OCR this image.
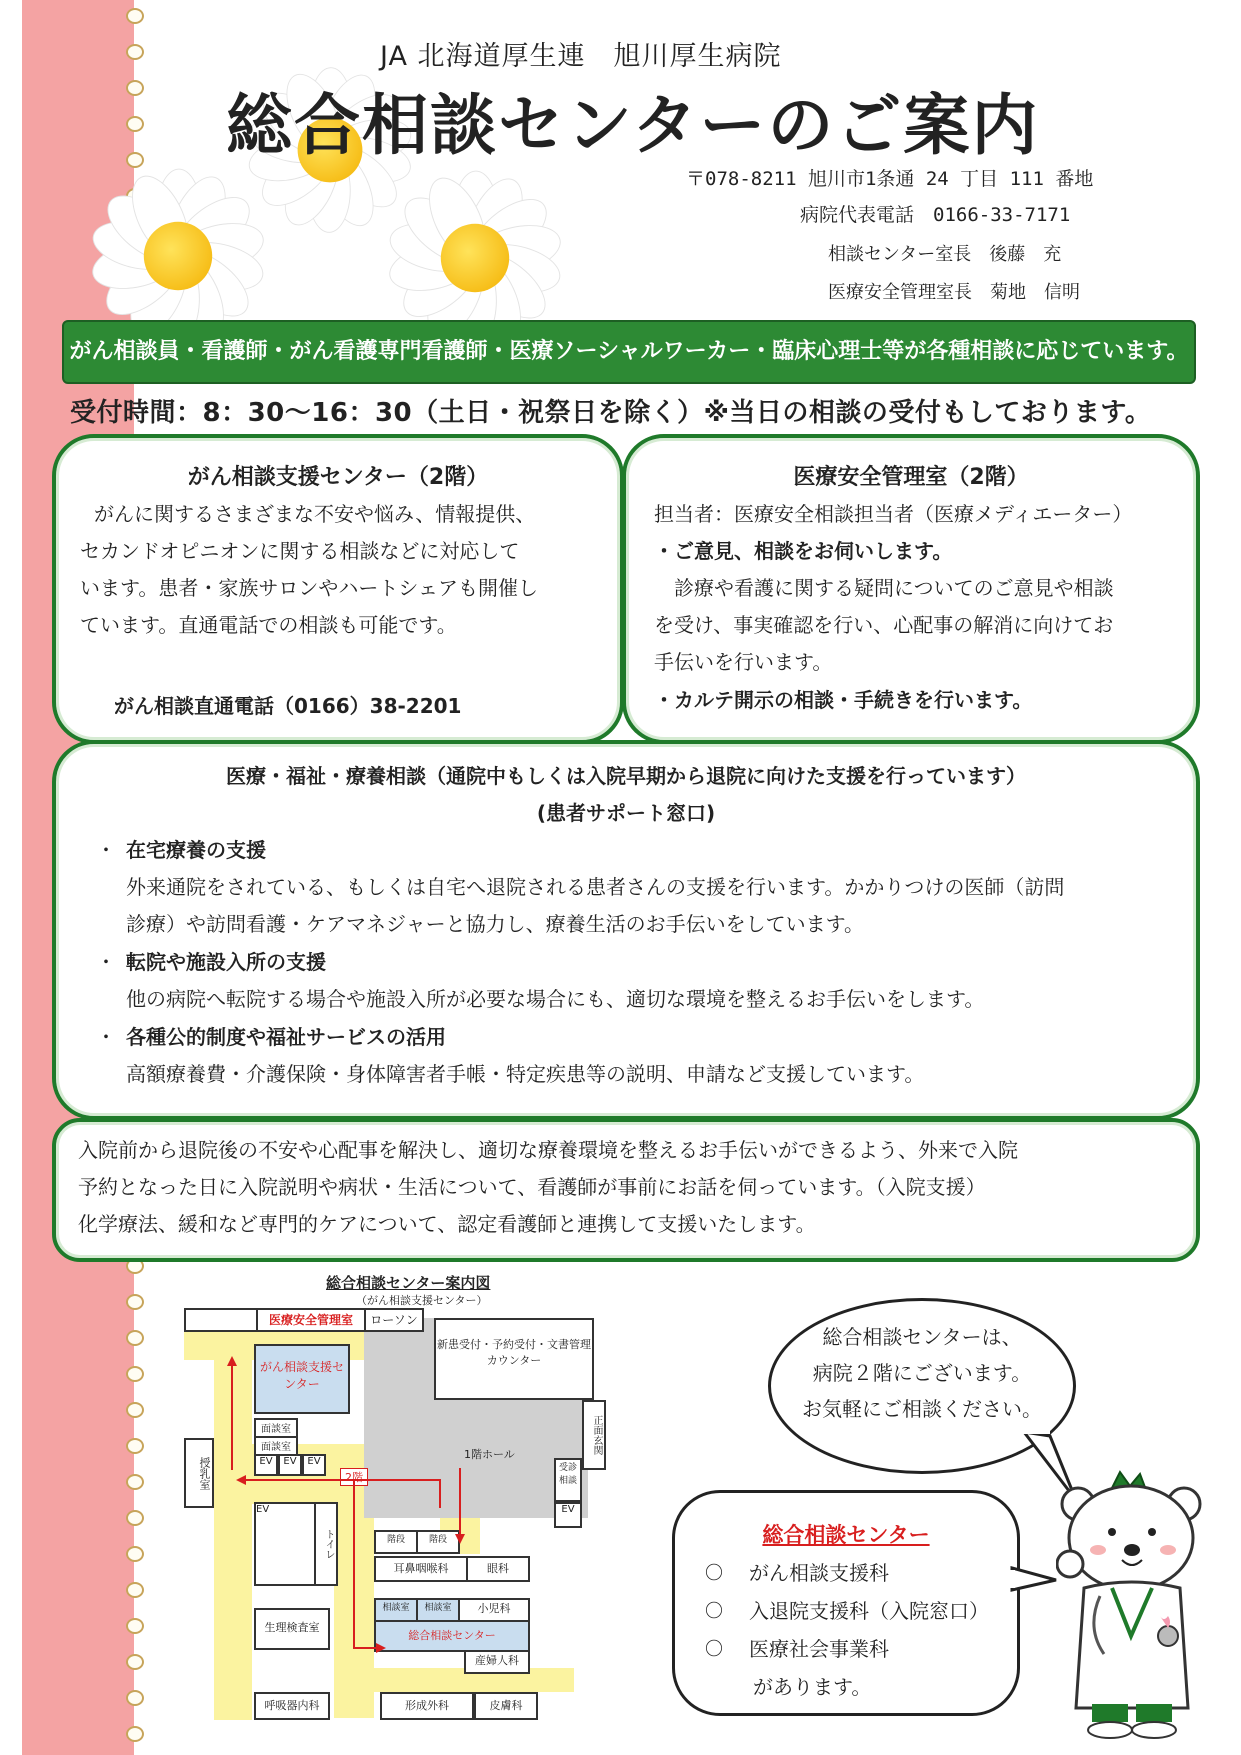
JA 北海道厚生連　旭川厚生病院
総合相談センターのご案内
〒078-8211 旭川市1条通 24 丁目 111 番地
病院代表電話　0166-33-7171
相談センター室長　後藤　充
医療安全管理室長　菊地　信明
がん相談員・看護師・がん看護専門看護師・医療ソーシャルワーカー・臨床心理士等が各種相談に応じています。
受付時間：8：30～16：30（土日・祝祭日を除く）※当日の相談の受付もしております。
がん相談支援センター（2階）
がんに関するさまざまな不安や悩み、情報提供、
セカンドオピニオンに関する相談などに対応して
います。患者・家族サロンやハートシェアも開催し
ています。直通電話での相談も可能です。
がん相談直通電話（0166）38-2201
医療安全管理室（2階）
担当者：医療安全相談担当者（医療メディエーター）
・ご意見、相談をお伺いします。
診療や看護に関する疑問についてのご意見や相談
を受け、事実確認を行い、心配事の解消に向けてお
手伝いを行います。
・カルテ開示の相談・手続きを行います。
医療・福祉・療養相談（通院中もしくは入院早期から退院に向けた支援を行っています）
(患者サポート窓口)
・ 在宅療養の支援
外来通院をされている、もしくは自宅へ退院される患者さんの支援を行います。かかりつけの医師（訪問
診療）や訪問看護・ケアマネジャーと協力し、療養生活のお手伝いをしています。
・ 転院や施設入所の支援
他の病院へ転院する場合や施設入所が必要な場合にも、適切な環境を整えるお手伝いをします。
・ 各種公的制度や福祉サービスの活用
高額療養費・介護保険・身体障害者手帳・特定疾患等の説明、申請など支援しています。
入院前から退院後の不安や心配事を解決し、適切な療養環境を整えるお手伝いができるよう、外来で入院
予約となった日に入院説明や病状・生活について、看護師が事前にお話を伺っています。（入院支援）
化学療法、緩和など専門的ケアについて、認定看護師と連携して支援いたします。
総合相談センター案内図
（がん相談支援センター）
医療安全管理室	ローソン
新患受付・予約受付・文書管理カウンター
がん相談支援センター
面談室
面談室
EV	EV	EV
授乳室
1階ホール
2階
正面玄関
受診相談
EV
EV
トイレ	階段	階段
耳鼻咽喉科	眼科
相談室	相談室	小児科
総合相談センター
産婦人科
生理検査室
呼吸器内科	形成外科	皮膚科
総合相談センターは、
病院２階にございます。
お気軽にご相談ください。
総合相談センター
〇 がん相談支援科
〇 入退院支援科（入院窓口）
〇 医療社会事業科
があります。
